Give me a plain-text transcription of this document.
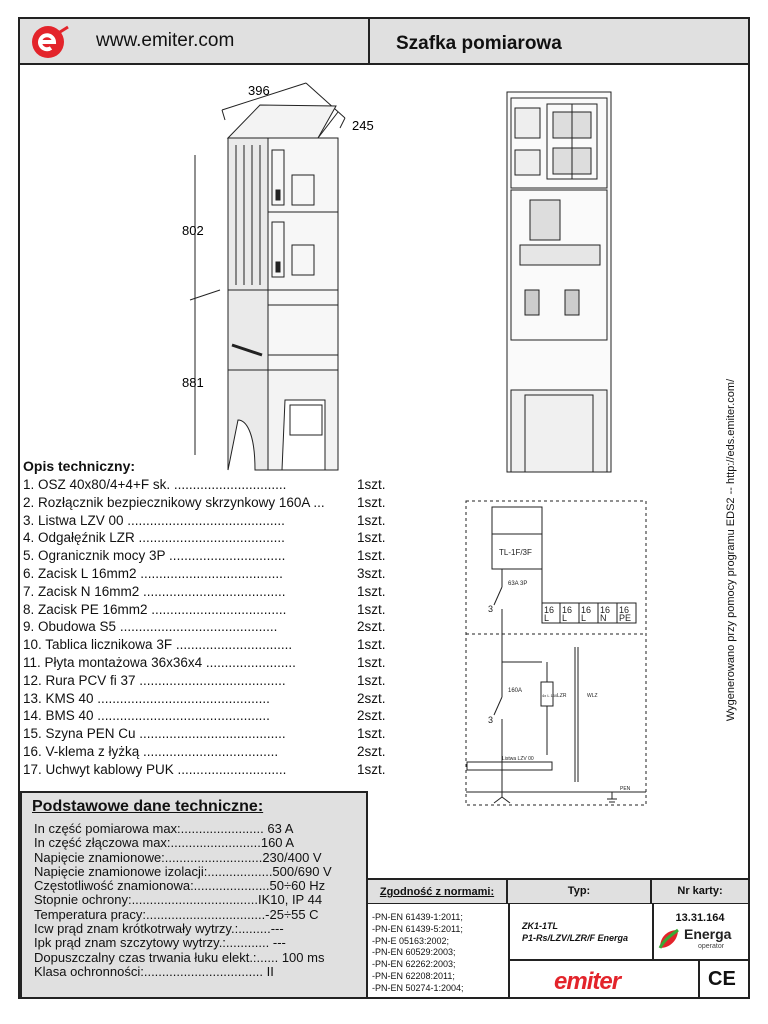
www.emiter.com	Szafka pomiarowa
396
245
802
881	Wygenerowano przy pomocy programu EDS2 -- http://eds.emiter.com/
Opis techniczny:
1. OSZ 40x80/4+4+F sk. ..............................	1szt.
2. Rozłącznik bezpiecznikowy skrzynkowy 160A ... 1szt.
3. Listwa LZV 00 ..........................................	1szt.
4. Odgałęźnik LZR .......................................	1szt.
5. Ogranicznik mocy 3P ...............................	1szt.
6. Zacisk L 16mm2 ......................................	3szt.
7. Zacisk N 16mm2 ......................................	1szt.
8. Zacisk PE 16mm2 ....................................	1szt.
9. Obudowa S5 ..........................................	2szt.
10. Tablica licznikowa 3F ...............................	1szt.
11. Płyta montażowa 36x36x4 ........................	1szt.
12. Rura PCV fi 37 .......................................	1szt.
13. KMS 40 ..............................................	2szt.
14. BMS 40 ..............................................	2szt.
15. Szyna PEN Cu .......................................	1szt.
16. V-klema z łyżką ....................................	2szt.
17. Uchwyt kablowy PUK .............................	1szt.
TL-1F/3F
63A 3P
3	16
L
16
L
16
L
16
N
16
PE
160A
3
4x L 160 LZR	WLZ
Listwa LZV 00
PEN
Podstawowe dane techniczne:
In część pomiarowa max:....................... 63 A
In część złączowa max:.........................160 A
Napięcie znamionowe:...........................230/400 V
Napięcie znamionowe izolacji:..................500/690 V
Częstotliwość znamionowa:.....................50÷60 Hz
Stopnie ochrony:...................................IK10, IP 44
Temperatura pracy:.................................-25÷55 C
Icw prąd znam krótkotrwały wytrzy.:.........---
Ipk prąd znam szczytowy wytrzy.:............ ---
Dopuszczalny czas trwania łuku elekt.:...... 100 ms
Klasa ochronności:................................. II
Zgodność z normami:	Typ:	Nr karty:
-PN-EN 61439-1:2011;
-PN-EN 61439-5:2011;
-PN-E 05163:2002;
-PN-EN 60529:2003;
-PN-EN 62262:2003;
-PN-EN 62208:2011;
-PN-EN 50274-1:2004;
ZK1-1TL
P1-Rs/LZV/LZR/F Energa
13.31.164
Energa
operator
emiter	CE
